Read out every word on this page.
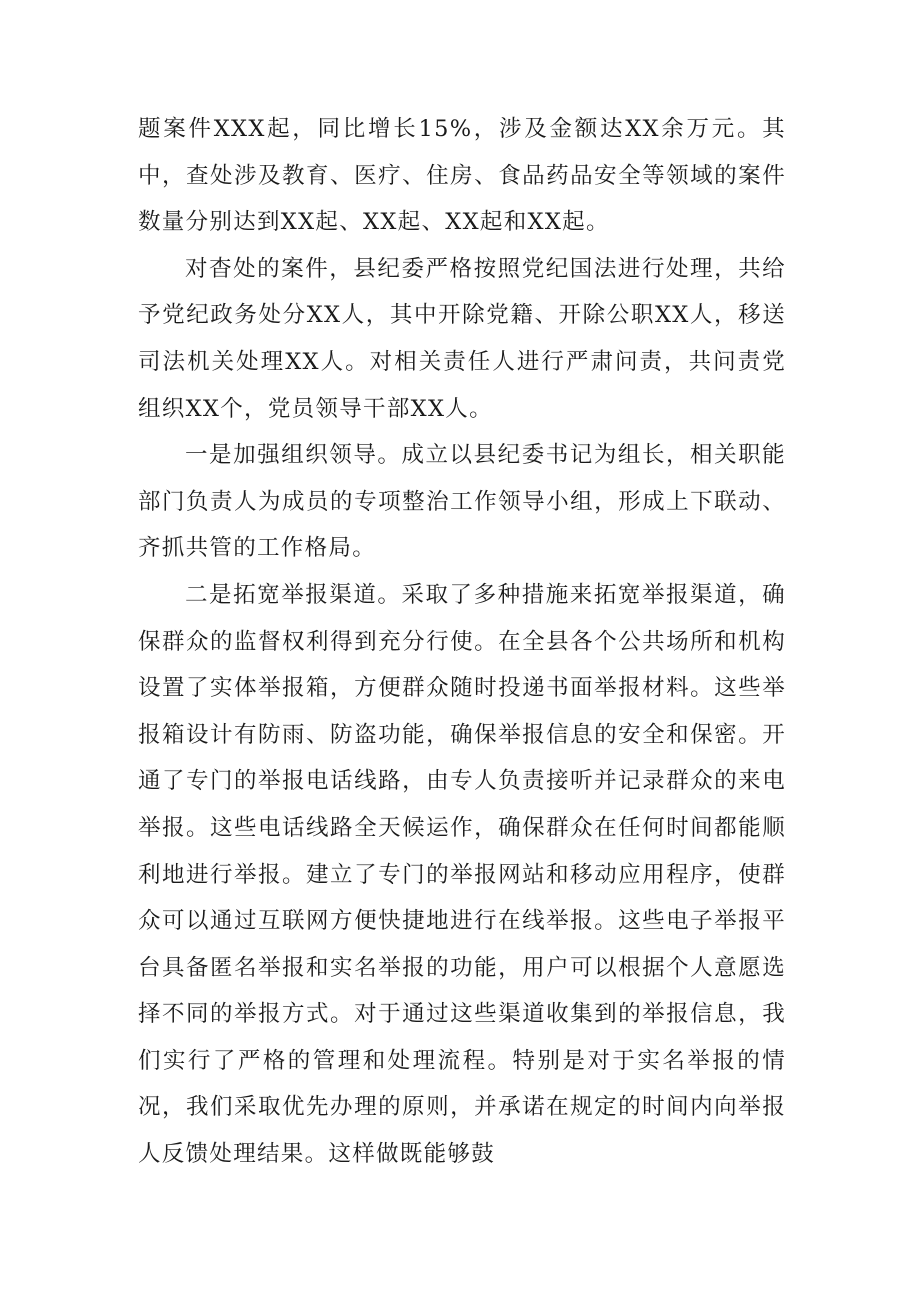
题案件XXX起，同比增长15%，涉及金额达XX余万元。其中，查处涉及教育、医疗、住房、食品药品安全等领域的案件数量分别达到XX起、XX起、XX起和XX起。

对杳处的案件，县纪委严格按照党纪国法进行处理，共给予党纪政务处分XX人，其中开除党籍、开除公职XX人，移送司法机关处理XX人。对相关责任人进行严肃问责，共问责党组织XX个，党员领导干部XX人。

一是加强组织领导。成立以县纪委书记为组长，相关职能部门负责人为成员的专项整治工作领导小组，形成上下联动、齐抓共管的工作格局。

二是拓宽举报渠道。采取了多种措施来拓宽举报渠道，确保群众的监督权利得到充分行使。在全县各个公共场所和机构设置了实体举报箱，方便群众随时投递书面举报材料。这些举报箱设计有防雨、防盗功能，确保举报信息的安全和保密。开通了专门的举报电话线路，由专人负责接听并记录群众的来电举报。这些电话线路全天候运作，确保群众在任何时间都能顺利地进行举报。建立了专门的举报网站和移动应用程序，使群众可以通过互联网方便快捷地进行在线举报。这些电子举报平台具备匿名举报和实名举报的功能，用户可以根据个人意愿选择不同的举报方式。对于通过这些渠道收集到的举报信息，我们实行了严格的管理和处理流程。特别是对于实名举报的情况，我们采取优先办理的原则，并承诺在规定的时间内向举报人反馈处理结果。这样做既能够鼓
